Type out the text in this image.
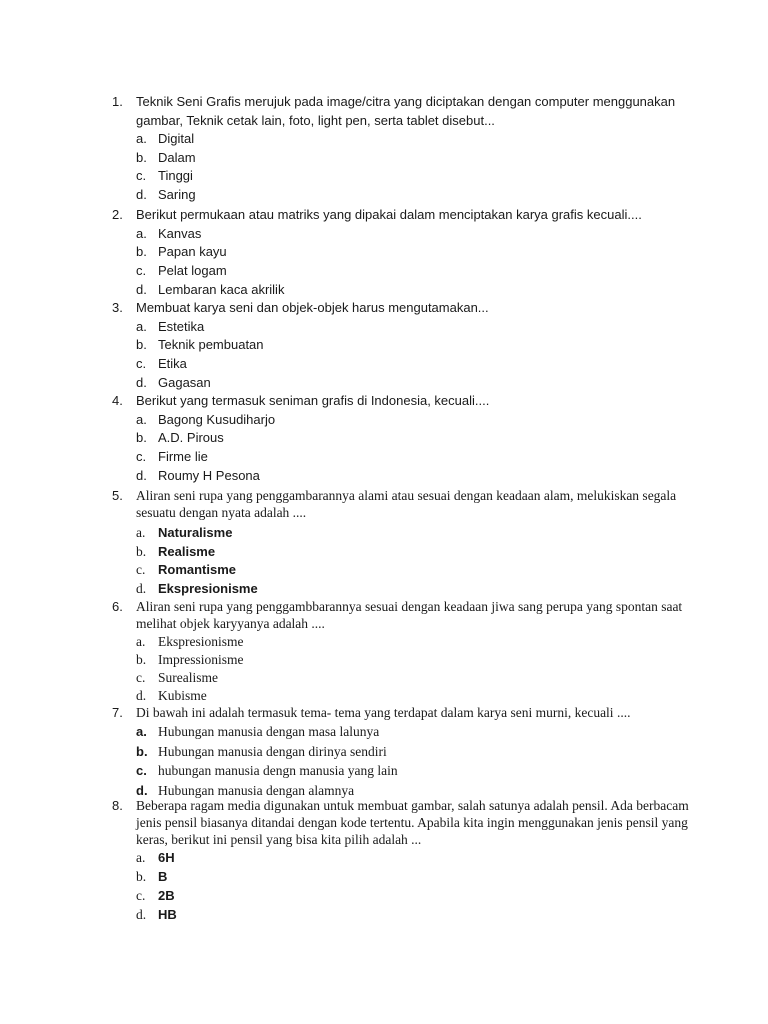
1. Teknik Seni Grafis merujuk pada image/citra yang diciptakan dengan computer menggunakan gambar, Teknik cetak lain, foto, light pen, serta tablet disebut...
a. Digital
b. Dalam
c. Tinggi
d. Saring
2. Berikut permukaan atau matriks yang dipakai dalam menciptakan karya grafis kecuali....
a. Kanvas
b. Papan kayu
c. Pelat logam
d. Lembaran kaca akrilik
3. Membuat karya seni dan objek-objek harus mengutamakan...
a. Estetika
b. Teknik pembuatan
c. Etika
d. Gagasan
4. Berikut yang termasuk seniman grafis di Indonesia, kecuali....
a. Bagong Kusudiharjo
b. A.D. Pirous
c. Firme lie
d. Roumy H Pesona
5. Aliran seni rupa yang penggambarannya alami atau sesuai dengan keadaan alam, melukiskan segala sesuatu dengan nyata adalah ....
a. Naturalisme
b. Realisme
c. Romantisme
d. Ekspresionisme
6. Aliran seni rupa yang penggambbarannya sesuai dengan keadaan jiwa sang perupa yang spontan saat melihat objek karyyanya adalah ....
a. Ekspresionisme
b. Impressionisme
c. Surealisme
d. Kubisme
7. Di bawah ini adalah termasuk tema- tema yang terdapat dalam karya seni murni, kecuali ....
a. Hubungan manusia dengan masa lalunya
b. Hubungan manusia dengan dirinya sendiri
c. hubungan manusia dengn manusia yang lain
d. Hubungan manusia dengan alamnya
8. Beberapa ragam media digunakan untuk membuat gambar, salah satunya adalah pensil. Ada berbacam jenis pensil biasanya ditandai dengan kode tertentu. Apabila kita ingin menggunakan jenis pensil yang keras, berikut ini pensil yang bisa kita pilih adalah ...
a. 6H
b. B
c. 2B
d. HB
